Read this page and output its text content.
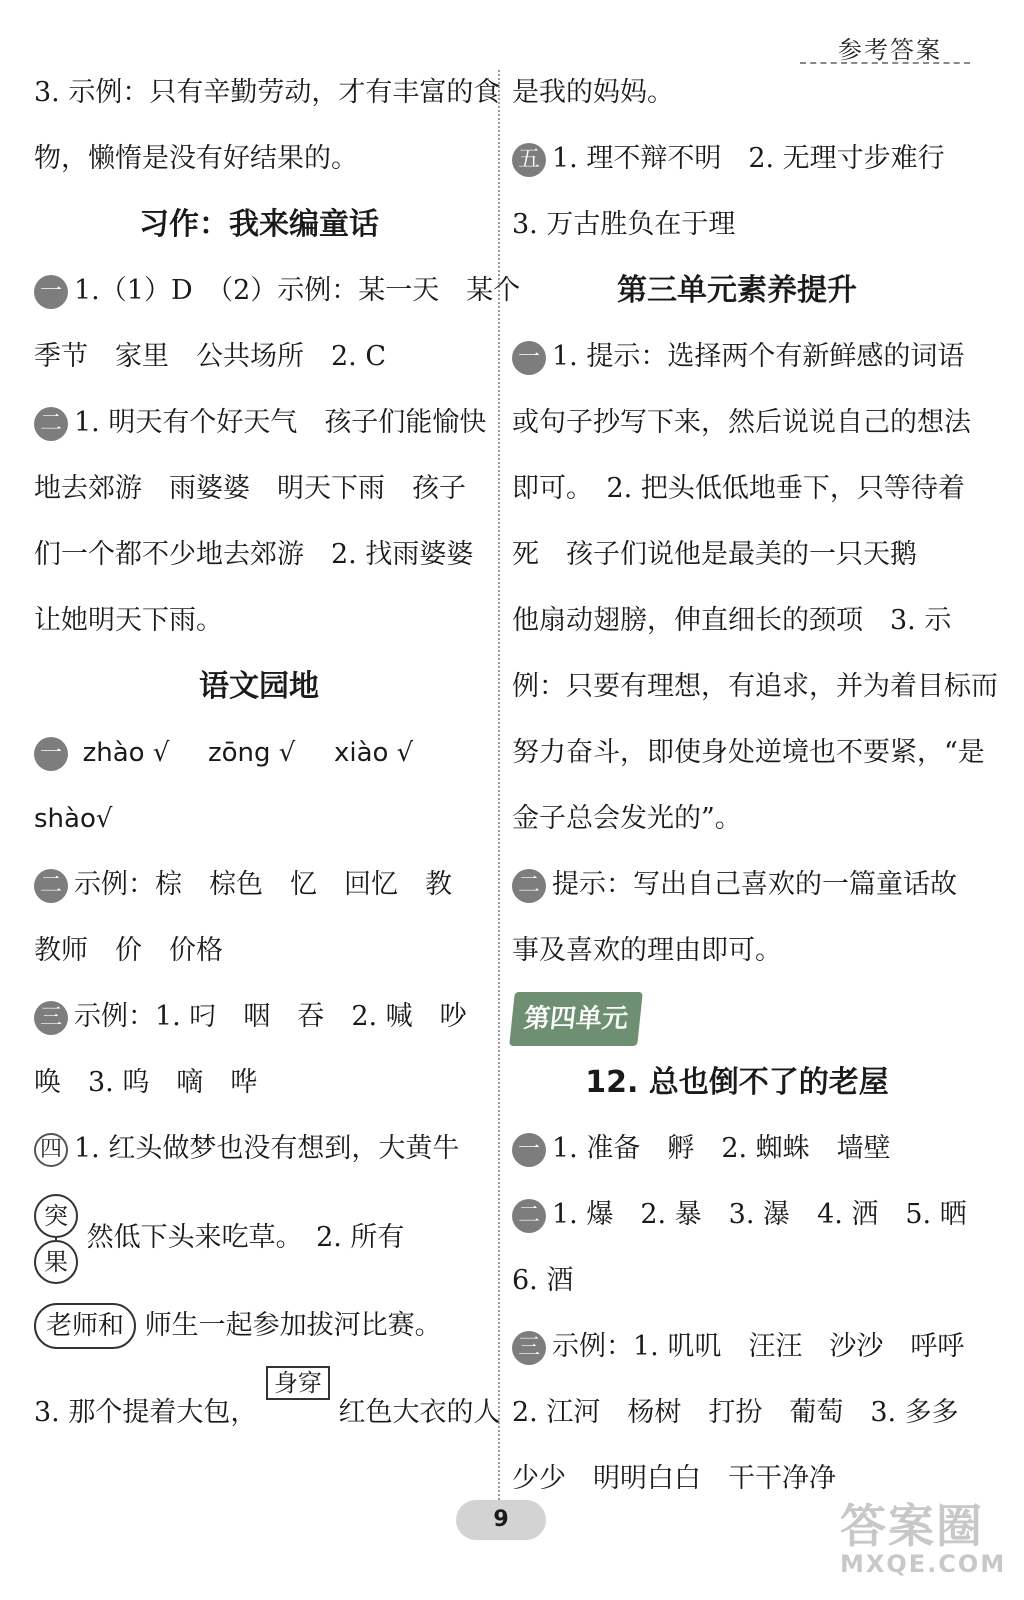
参考答案
3. 示例：只有辛勤劳动，才有丰富的食
物，懒惰是没有好结果的。
习作：我来编童话
一 1.（1）D　（2）示例：某一天　某个
季节　家里　公共场所　2. C
二 1. 明天有个好天气　孩子们能愉快
地去郊游　雨婆婆　明天下雨　孩子
们一个都不少地去郊游　2. 找雨婆婆
让她明天下雨。
语文园地
一 zhào √ zōng √ xiào √
shào√
二 示例：棕　棕色　忆　回忆　教
教师　价　价格
三 示例：1. 叼　咽　吞　2. 喊　吵
唤　3. 呜　嘀　哗
四 1. 红头做梦也没有想到，大黄牛
突
果
然低下头来吃草。　2. 所有
老师和 师生一起参加拔河比赛。
3. 那个提着大包， 身穿 红色大衣的人
是我的妈妈。
五 1. 理不辩不明　2. 无理寸步难行
3. 万古胜负在于理
第三单元素养提升
一 1. 提示：选择两个有新鲜感的词语
或句子抄写下来，然后说说自己的想法
即可。　2. 把头低低地垂下，只等待着
死　孩子们说他是最美的一只天鹅
他扇动翅膀，伸直细长的颈项　3. 示
例：只要有理想，有追求，并为着目标而
努力奋斗，即使身处逆境也不要紧，“是
金子总会发光的”。
二 提示：写出自己喜欢的一篇童话故
事及喜欢的理由即可。
第四单元
12. 总也倒不了的老屋
一 1. 准备　孵　2. 蜘蛛　墙壁
二 1. 爆　2. 暴　3. 瀑　4. 洒　5. 晒
6. 酒
三 示例：1. 叽叽　汪汪　沙沙　呼呼
2. 江河　杨树　打扮　葡萄　3. 多多
少少　明明白白　干干净净
9	答案圈
MXQE.COM
